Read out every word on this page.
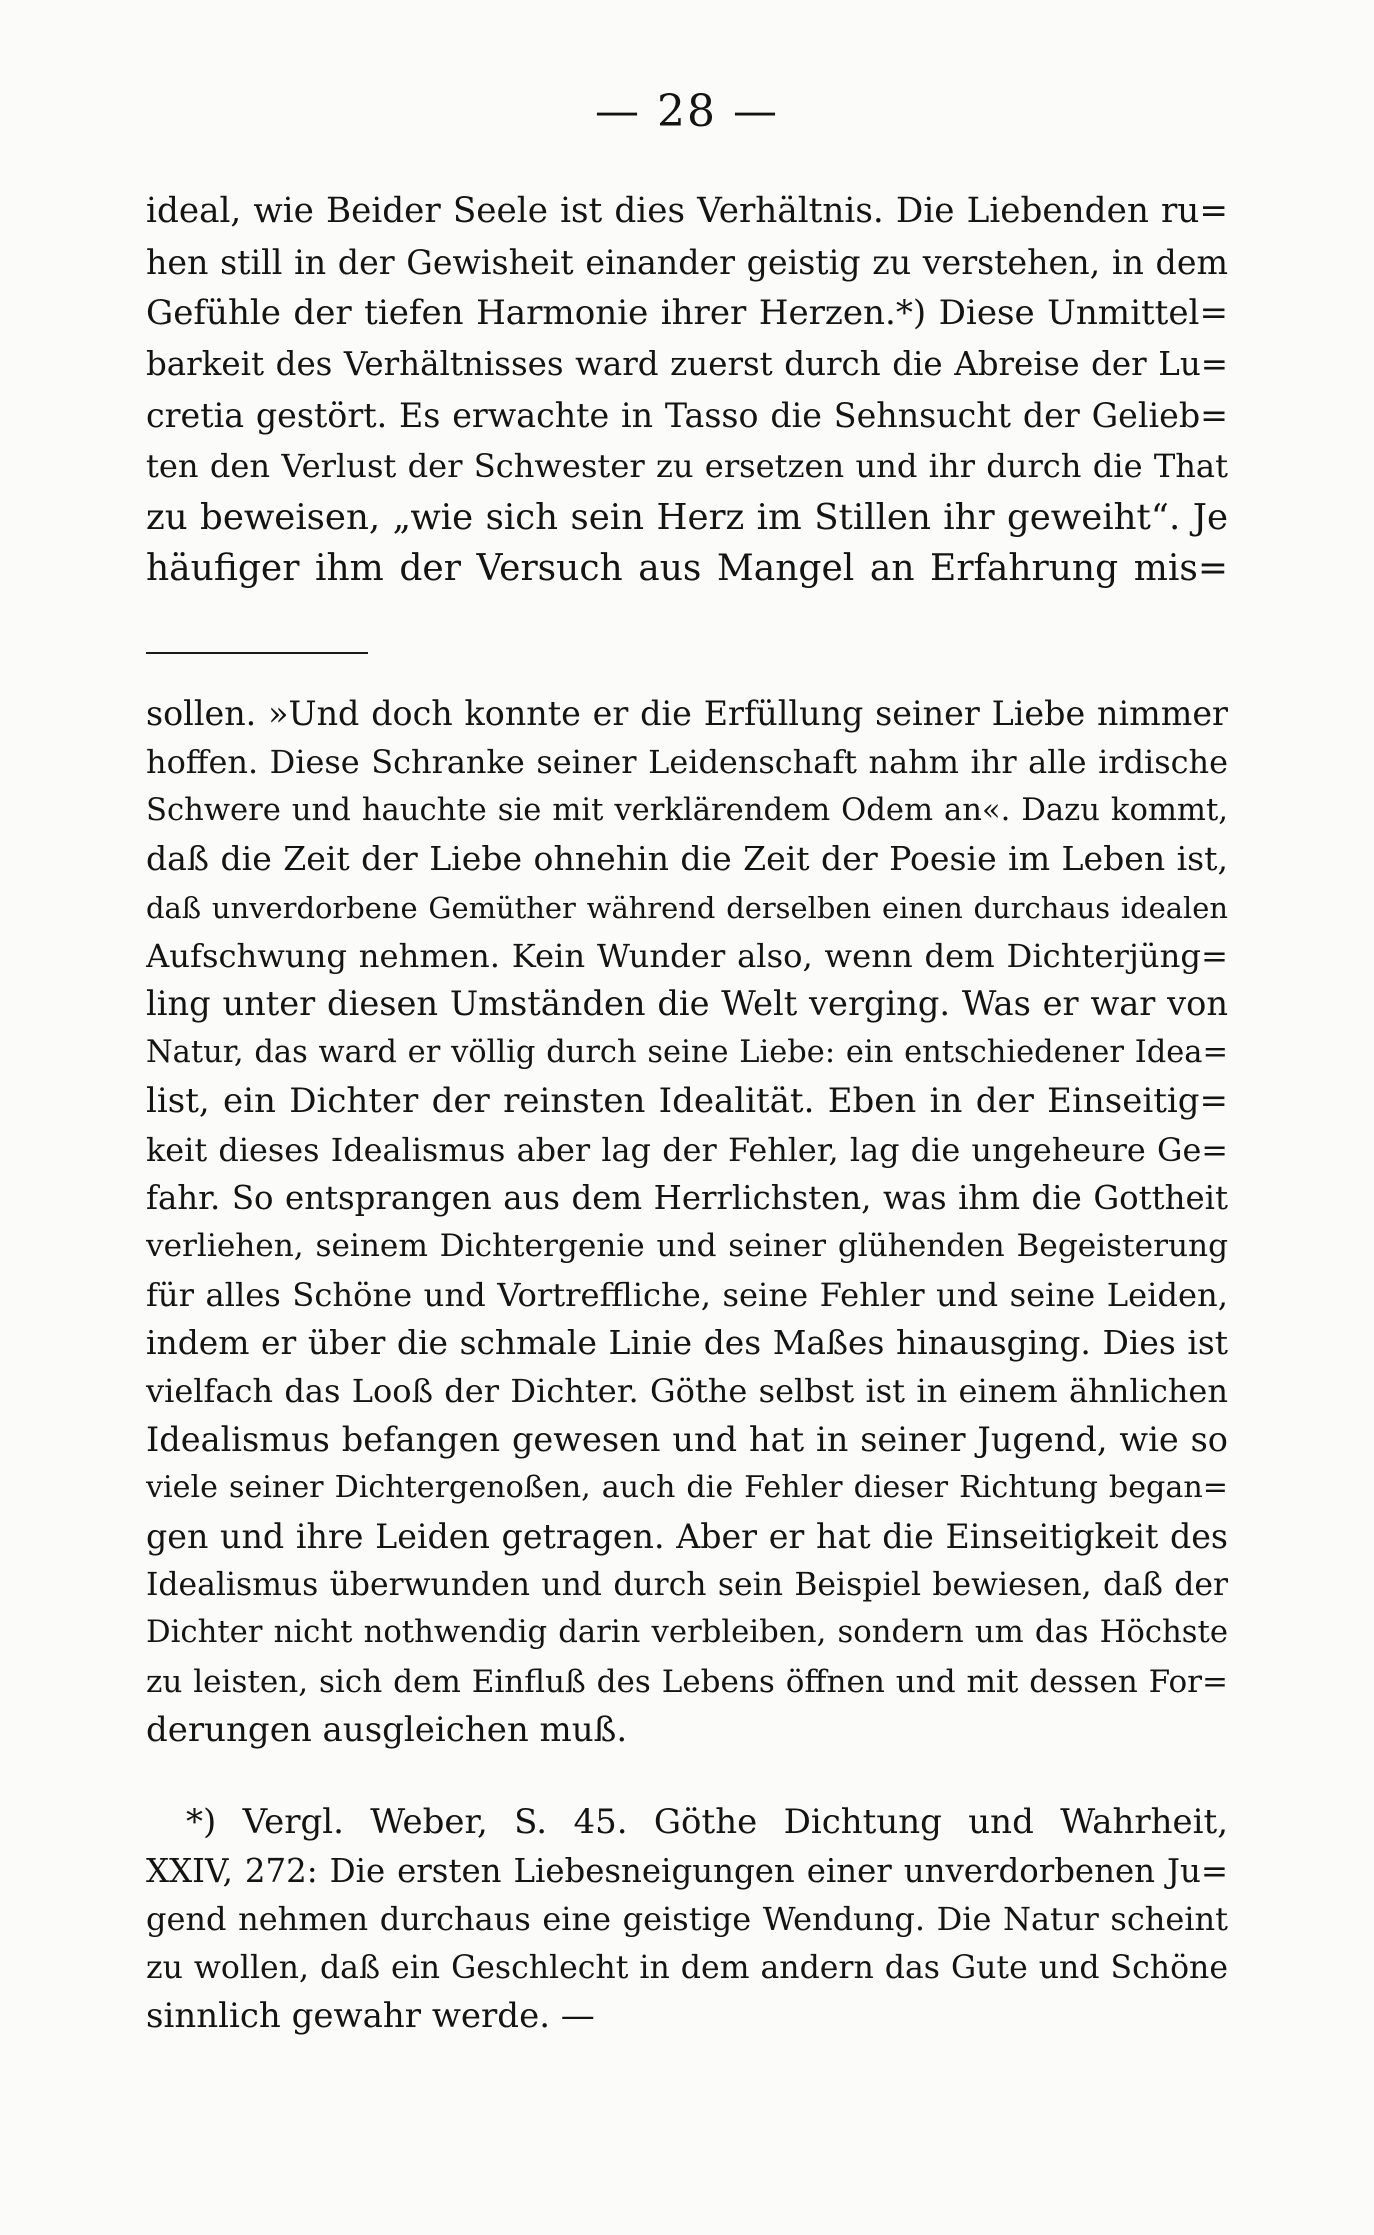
— 28 —
ideal, wie Beider Seele ist dies Verhältnis. Die Liebenden ru=
hen still in der Gewisheit einander geistig zu verstehen, in dem
Gefühle der tiefen Harmonie ihrer Herzen.*) Diese Unmittel=
barkeit des Verhältnisses ward zuerst durch die Abreise der Lu=
cretia gestört. Es erwachte in Tasso die Sehnsucht der Gelieb=
ten den Verlust der Schwester zu ersetzen und ihr durch die That
zu beweisen, „wie sich sein Herz im Stillen ihr geweiht“. Je
häufiger ihm der Versuch aus Mangel an Erfahrung mis=
sollen. »Und doch konnte er die Erfüllung seiner Liebe nimmer
hoffen. Diese Schranke seiner Leidenschaft nahm ihr alle irdische
Schwere und hauchte sie mit verklärendem Odem an«. Dazu kommt,
daß die Zeit der Liebe ohnehin die Zeit der Poesie im Leben ist,
daß unverdorbene Gemüther während derselben einen durchaus idealen
Aufschwung nehmen. Kein Wunder also, wenn dem Dichterjüng=
ling unter diesen Umständen die Welt verging. Was er war von
Natur, das ward er völlig durch seine Liebe: ein entschiedener Idea=
list, ein Dichter der reinsten Idealität. Eben in der Einseitig=
keit dieses Idealismus aber lag der Fehler, lag die ungeheure Ge=
fahr. So entsprangen aus dem Herrlichsten, was ihm die Gottheit
verliehen, seinem Dichtergenie und seiner glühenden Begeisterung
für alles Schöne und Vortreffliche, seine Fehler und seine Leiden,
indem er über die schmale Linie des Maßes hinausging. Dies ist
vielfach das Looß der Dichter. Göthe selbst ist in einem ähnlichen
Idealismus befangen gewesen und hat in seiner Jugend, wie so
viele seiner Dichtergenoßen, auch die Fehler dieser Richtung began=
gen und ihre Leiden getragen. Aber er hat die Einseitigkeit des
Idealismus überwunden und durch sein Beispiel bewiesen, daß der
Dichter nicht nothwendig darin verbleiben, sondern um das Höchste
zu leisten, sich dem Einfluß des Lebens öffnen und mit dessen For=
derungen ausgleichen muß.
*) Vergl. Weber, S. 45. Göthe Dichtung und Wahrheit,
XXIV, 272: Die ersten Liebesneigungen einer unverdorbenen Ju=
gend nehmen durchaus eine geistige Wendung. Die Natur scheint
zu wollen, daß ein Geschlecht in dem andern das Gute und Schöne
sinnlich gewahr werde. —
